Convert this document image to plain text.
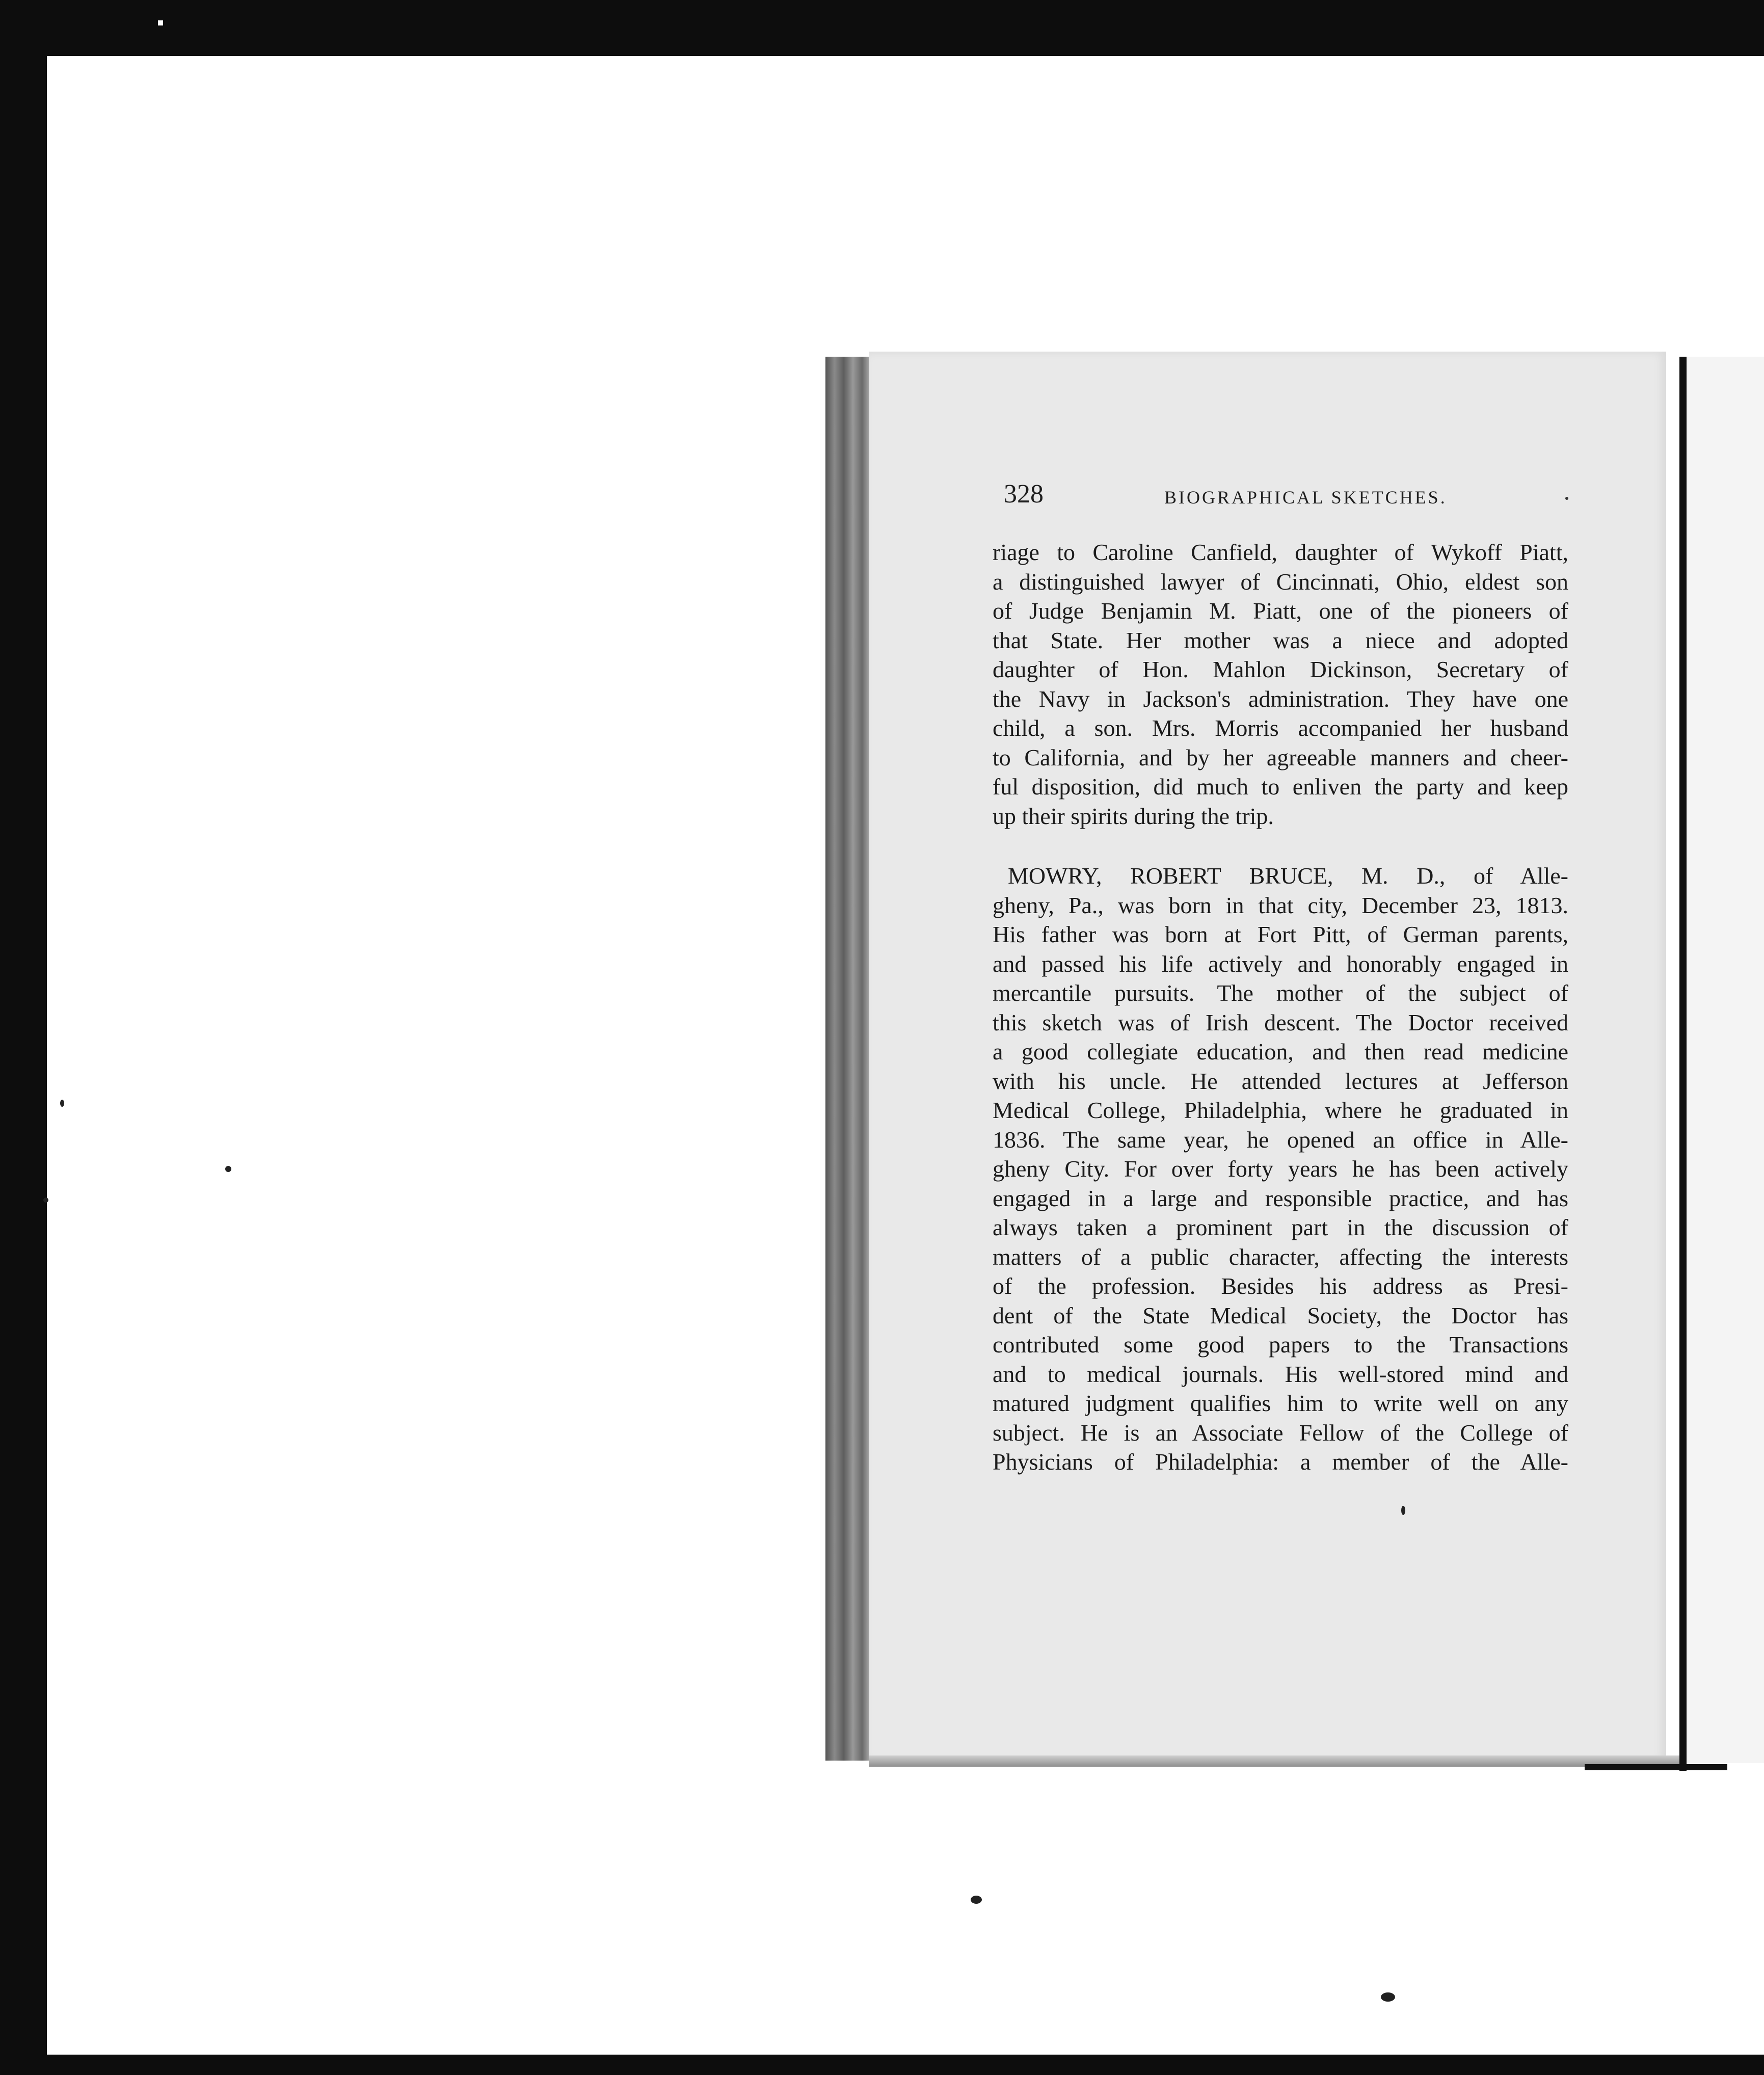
328	BIOGRAPHICAL SKETCHES.
riage to Caroline Canfield, daughter of Wykoff Piatt,
a distinguished lawyer of Cincinnati, Ohio, eldest son
of Judge Benjamin M. Piatt, one of the pioneers of
that State. Her mother was a niece and adopted
daughter of Hon. Mahlon Dickinson, Secretary of
the Navy in Jackson's administration. They have one
child, a son. Mrs. Morris accompanied her husband
to California, and by her agreeable manners and cheer-
ful disposition, did much to enliven the party and keep
up their spirits during the trip.
MOWRY, ROBERT BRUCE, M. D., of Alle-
gheny, Pa., was born in that city, December 23, 1813.
His father was born at Fort Pitt, of German parents,
and passed his life actively and honorably engaged in
mercantile pursuits. The mother of the subject of
this sketch was of Irish descent. The Doctor received
a good collegiate education, and then read medicine
with his uncle. He attended lectures at Jefferson
Medical College, Philadelphia, where he graduated in
1836. The same year, he opened an office in Alle-
gheny City. For over forty years he has been actively
engaged in a large and responsible practice, and has
always taken a prominent part in the discussion of
matters of a public character, affecting the interests
of the profession. Besides his address as Presi-
dent of the State Medical Society, the Doctor has
contributed some good papers to the Transactions
and to medical journals. His well-stored mind and
matured judgment qualifies him to write well on any
subject. He is an Associate Fellow of the College of
Physicians of Philadelphia: a member of the Alle-
